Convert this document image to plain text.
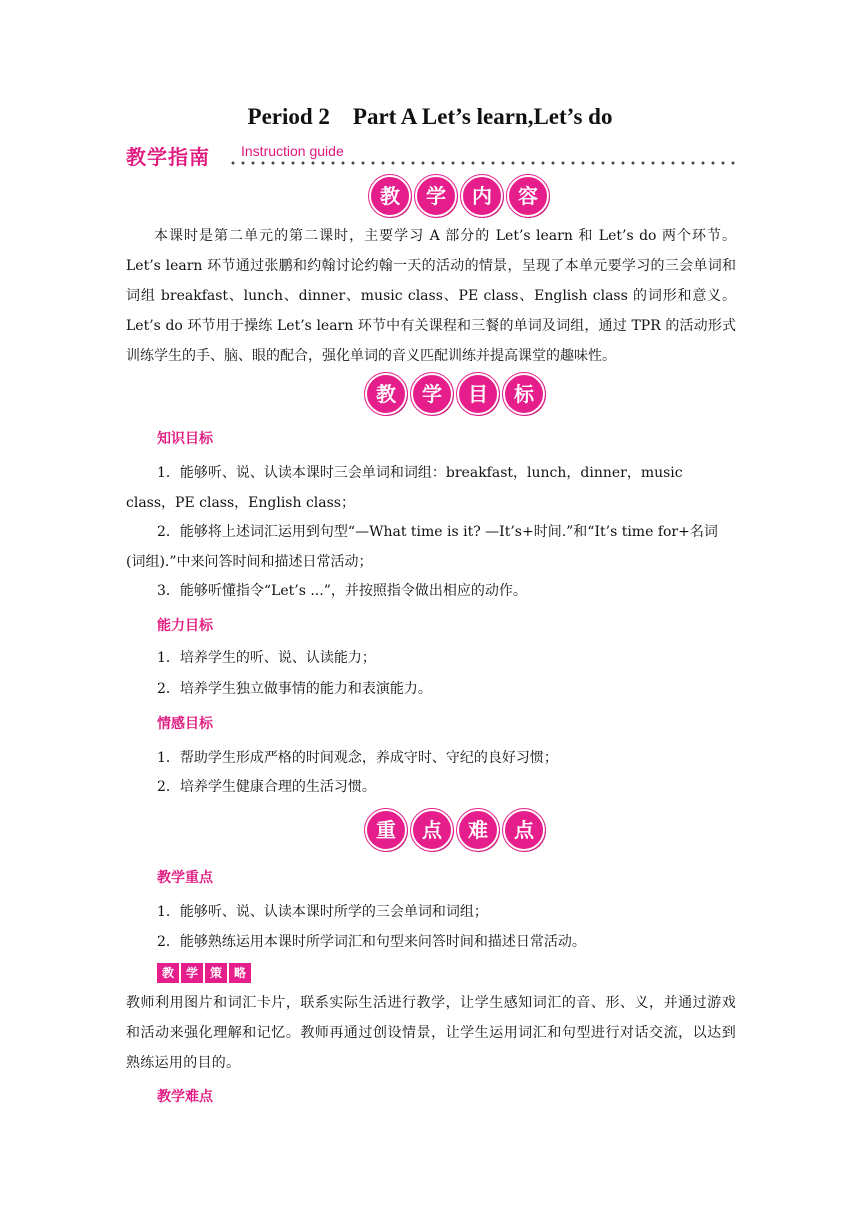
Period 2    Part A Let’s learn,Let’s do
教学指南 Instruction guide
教	学	内	容
本课时是第二单元的第二课时，主要学习 A 部分的 Let’s learn 和 Let’s do 两个环节。Let’s learn 环节通过张鹏和约翰讨论约翰一天的活动的情景，呈现了本单元要学习的三会单词和词组 breakfast、lunch、dinner、music class、PE class、English class 的词形和意义。Let’s do 环节用于操练 Let’s learn 环节中有关课程和三餐的单词及词组，通过 TPR 的活动形式训练学生的手、脑、眼的配合，强化单词的音义匹配训练并提高课堂的趣味性。
教	学	目	标
知识目标
1．能够听、说、认读本课时三会单词和词组：breakfast，lunch，dinner，music class，PE class，English class；
2．能够将上述词汇运用到句型“—What time is it? —It’s+时间.”和“It’s time for+名词(词组).”中来问答时间和描述日常活动；
3．能够听懂指令“Let’s ...”，并按照指令做出相应的动作。
能力目标
1．培养学生的听、说、认读能力；
2．培养学生独立做事情的能力和表演能力。
情感目标
1．帮助学生形成严格的时间观念，养成守时、守纪的良好习惯；
2．培养学生健康合理的生活习惯。
重	点	难	点
教学重点
1．能够听、说、认读本课时所学的三会单词和词组；
2．能够熟练运用本课时所学词汇和句型来问答时间和描述日常活动。
教 学 策 略
教师利用图片和词汇卡片，联系实际生活进行教学，让学生感知词汇的音、形、义，并通过游戏和活动来强化理解和记忆。教师再通过创设情景，让学生运用词汇和句型进行对话交流，以达到熟练运用的目的。
教学难点
